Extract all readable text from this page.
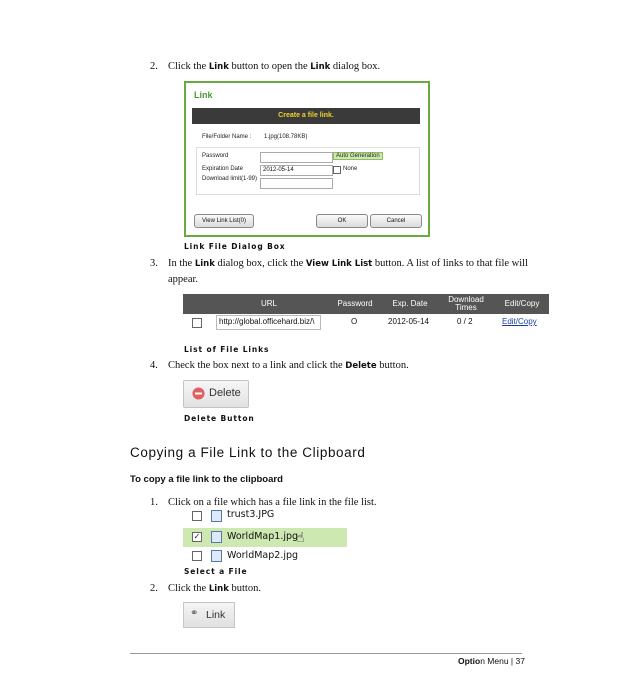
2. Click the Link button to open the Link dialog box.
Link
Create a file link.
File/Folder Name : 1.jpg(108.78KB)
Password	Auto Generation
Expiration Date	2012-05-14	None
Download limit(1-99)
View Link List(0)	OK	Cancel
Link File Dialog Box
3. In the Link dialog box, click the View Link List button. A list of links to that file will
appear.
URL	Password	Exp. Date	Download Times	Edit/Copy
http://global.officehard.biz/\	O	2012-05-14	0 / 2	Edit/Copy
List of File Links
4. Check the box next to a link and click the Delete button.
Delete
Delete Button
Copying a File Link to the Clipboard
To copy a file link to the clipboard
1. Click on a file which has a file link in the file list.
trust3.JPG
✓	WorldMap1.jpg
☝
WorldMap2.jpg
Select a File
2. Click the Link button.
⚭ Link
Option Menu | 37
